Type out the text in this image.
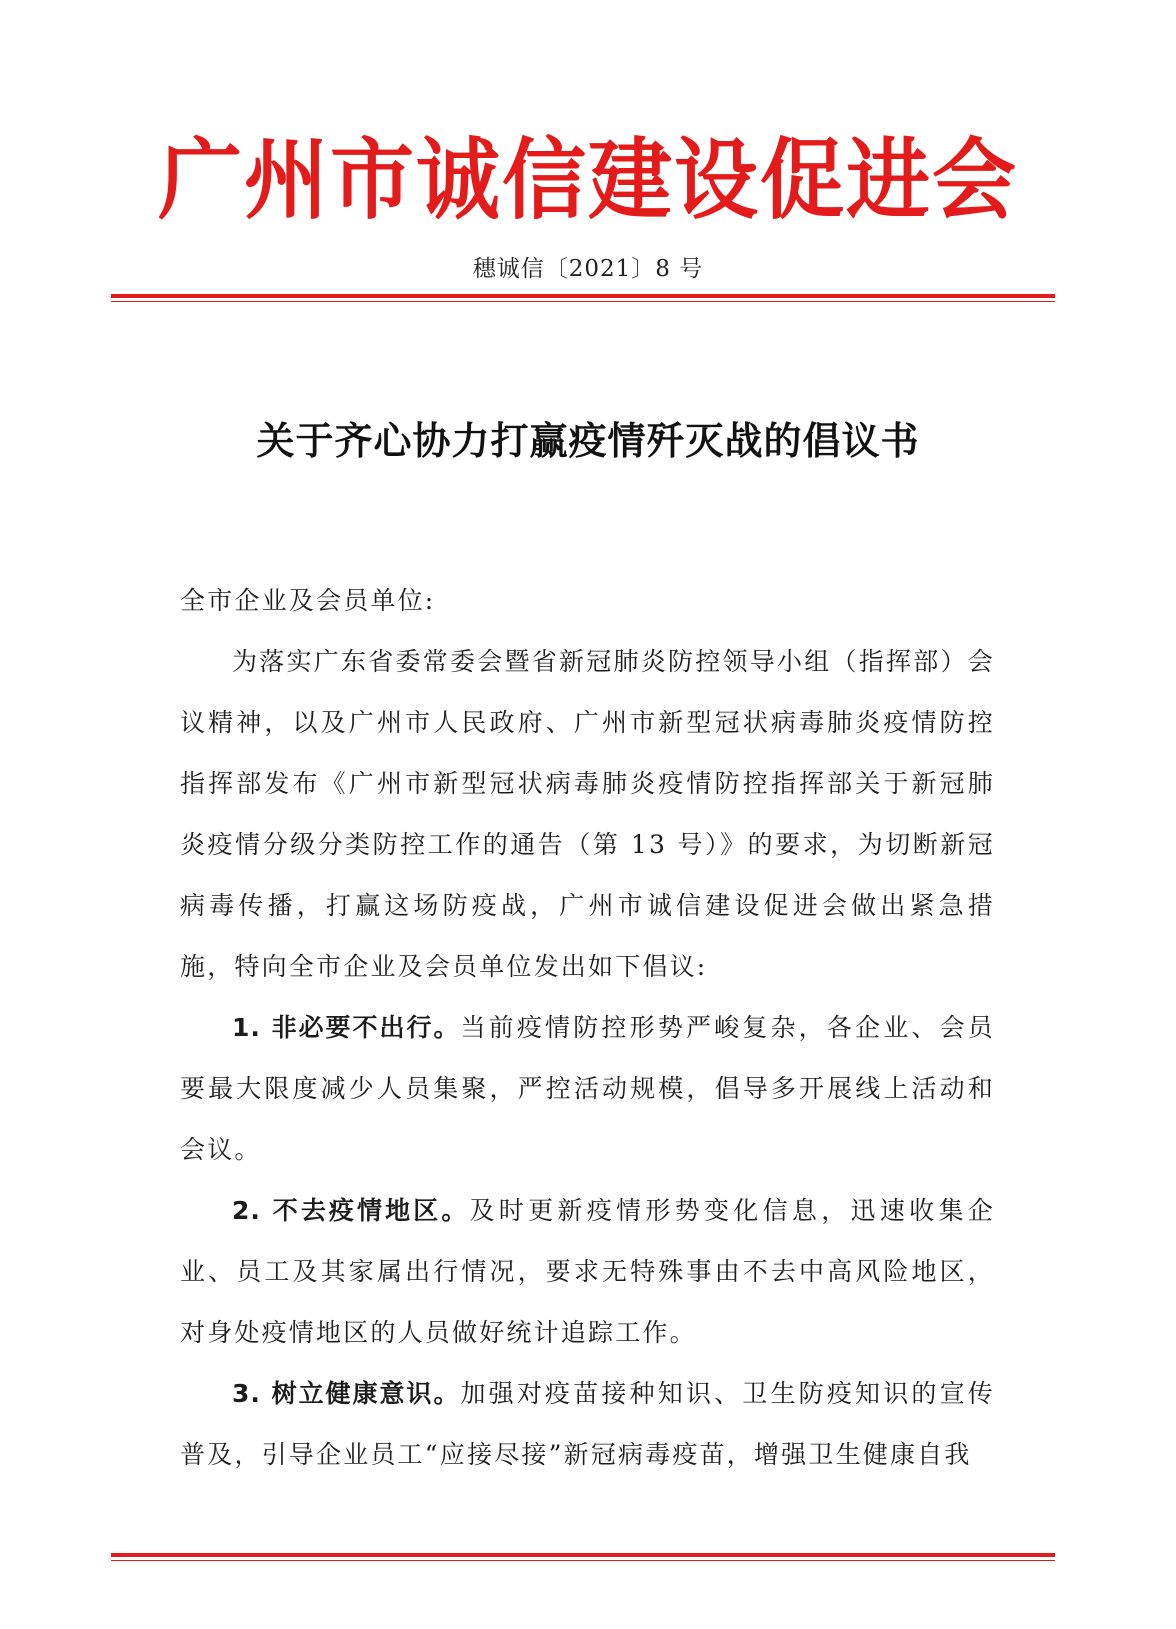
广州市诚信建设促进会
穗诚信〔2021〕8 号
关于齐心协力打赢疫情歼灭战的倡议书

全市企业及会员单位:

为落实广东省委常委会暨省新冠肺炎防控领导小组（指挥部）会议精神，以及广州市人民政府、广州市新型冠状病毒肺炎疫情防控指挥部发布《广州市新型冠状病毒肺炎疫情防控指挥部关于新冠肺炎疫情分级分类防控工作的通告（第 13 号）》的要求，为切断新冠病毒传播，打赢这场防疫战，广州市诚信建设促进会做出紧急措施，特向全市企业及会员单位发出如下倡议:

1. 非必要不出行。当前疫情防控形势严峻复杂，各企业、会员要最大限度减少人员集聚，严控活动规模，倡导多开展线上活动和会议。

2. 不去疫情地区。及时更新疫情形势变化信息，迅速收集企业、员工及其家属出行情况，要求无特殊事由不去中高风险地区，对身处疫情地区的人员做好统计追踪工作。

3. 树立健康意识。加强对疫苗接种知识、卫生防疫知识的宣传普及，引导企业员工“应接尽接”新冠病毒疫苗，增强卫生健康自我
